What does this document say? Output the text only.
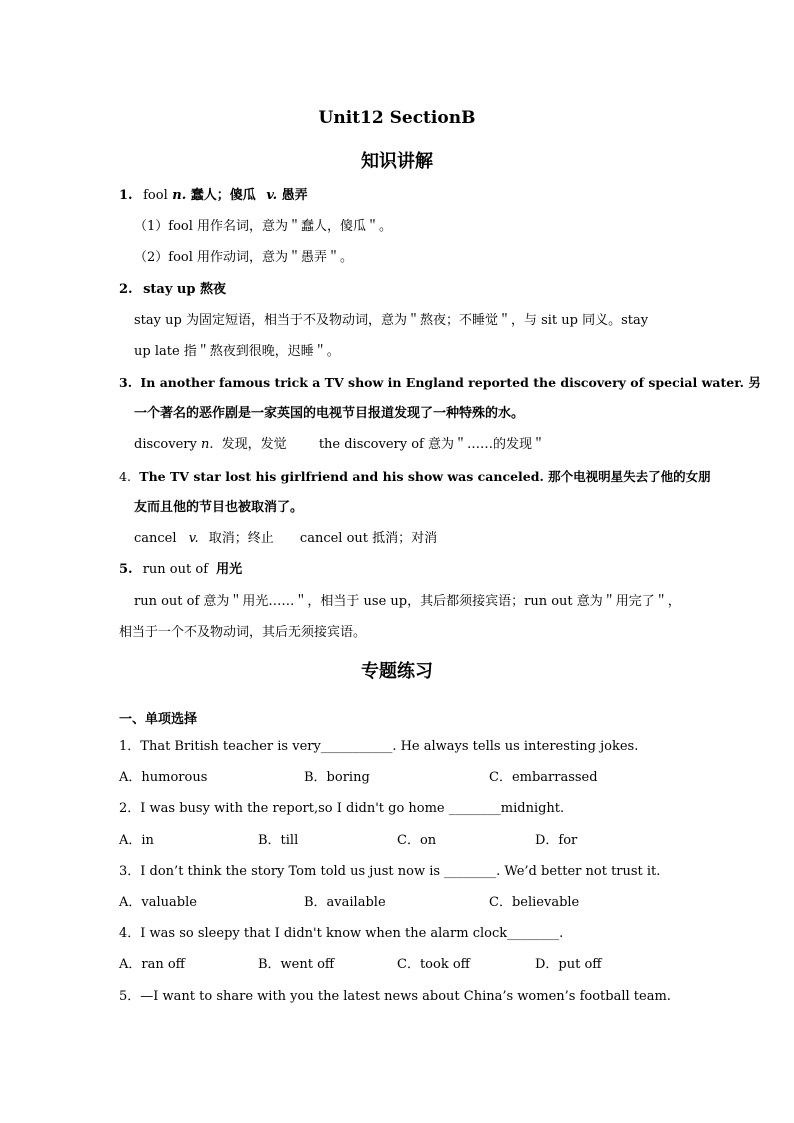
Unit12 SectionB
知识讲解
1. fool n. 蠢人；傻瓜 v. 愚弄
（1）fool 用作名词，意为＂蠢人，傻瓜＂。
（2）fool 用作动词，意为＂愚弄＂。
2. stay up 熬夜
stay up 为固定短语，相当于不及物动词，意为＂熬夜；不睡觉＂，与 sit up 同义。stay
up late 指＂熬夜到很晚，迟睡＂。
3. In another famous trick a TV show in England reported the discovery of special water. 另
一个著名的恶作剧是一家英国的电视节目报道发现了一种特殊的水。
discovery n. 发现，发觉 the discovery of 意为＂……的发现＂
4. The TV star lost his girlfriend and his show was canceled. 那个电视明星失去了他的女朋
友而且他的节目也被取消了。
cancel v. 取消；终止 cancel out 抵消；对消
5. run out of 用光
run out of 意为＂用光……＂，相当于 use up，其后都须接宾语；run out 意为＂用完了＂，
相当于一个不及物动词，其后无须接宾语。
专题练习
一、单项选择
1．That British teacher is very___________. He always tells us interesting jokes.
A．humorous	B．boring	C．embarrassed
2．I was busy with the report,so I didn't go home ________midnight.
A．in	B．till	C．on	D．for
3．I don’t think the story Tom told us just now is ________. We’d better not trust it.
A．valuable	B．available	C．believable
4．I was so sleepy that I didn't know when the alarm clock________.
A．ran off	B．went off	C．took off	D．put off
5．—I want to share with you the latest news about China’s women’s football team.
